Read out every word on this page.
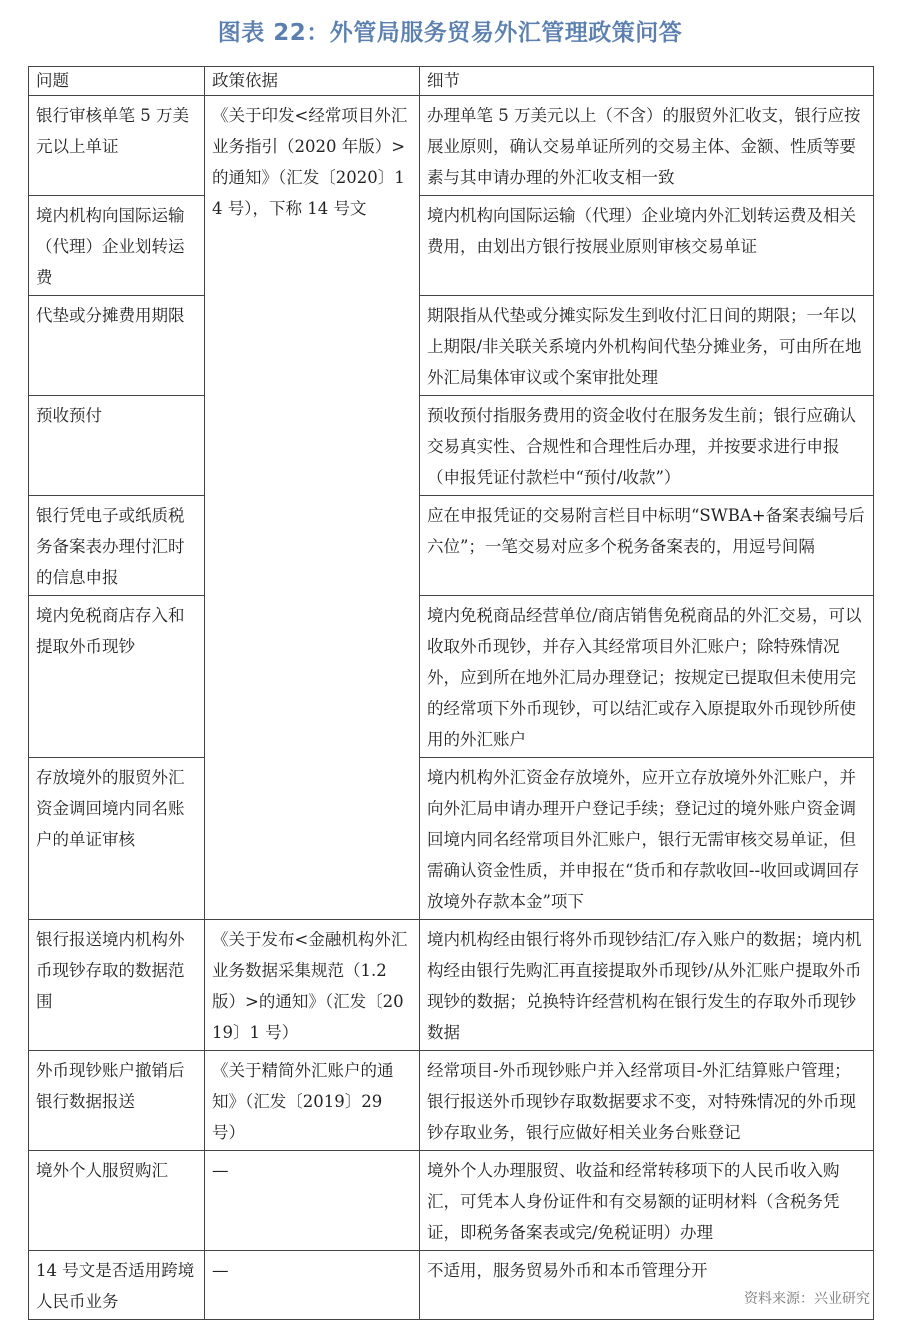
图表 22：外管局服务贸易外汇管理政策问答
问题	政策依据	细节
银行审核单笔 5 万美元以上单证	《关于印发<经常项目外汇业务指引（2020 年版）>的通知》（汇发〔2020〕14 号），下称 14 号文	办理单笔 5 万美元以上（不含）的服贸外汇收支，银行应按展业原则，确认交易单证所列的交易主体、金额、性质等要素与其申请办理的外汇收支相一致
境内机构向国际运输（代理）企业划转运费		境内机构向国际运输（代理）企业境内外汇划转运费及相关费用，由划出方银行按展业原则审核交易单证
代垫或分摊费用期限		期限指从代垫或分摊实际发生到收付汇日间的期限；一年以上期限/非关联关系境内外机构间代垫分摊业务，可由所在地外汇局集体审议或个案审批处理
预收预付		预收预付指服务费用的资金收付在服务发生前；银行应确认交易真实性、合规性和合理性后办理，并按要求进行申报（申报凭证付款栏中“预付/收款”）
银行凭电子或纸质税务备案表办理付汇时的信息申报		应在申报凭证的交易附言栏目中标明“SWBA+备案表编号后六位”；一笔交易对应多个税务备案表的，用逗号间隔
境内免税商店存入和提取外币现钞		境内免税商品经营单位/商店销售免税商品的外汇交易，可以收取外币现钞，并存入其经常项目外汇账户；除特殊情况外，应到所在地外汇局办理登记；按规定已提取但未使用完的经常项下外币现钞，可以结汇或存入原提取外币现钞所使用的外汇账户
存放境外的服贸外汇资金调回境内同名账户的单证审核		境内机构外汇资金存放境外，应开立存放境外外汇账户，并向外汇局申请办理开户登记手续；登记过的境外账户资金调回境内同名经常项目外汇账户，银行无需审核交易单证，但需确认资金性质，并申报在“货币和存款收回--收回或调回存放境外存款本金”项下
银行报送境内机构外币现钞存取的数据范围	《关于发布<金融机构外汇业务数据采集规范（1.2 版）>的通知》（汇发〔2019〕1 号）	境内机构经由银行将外币现钞结汇/存入账户的数据；境内机构经由银行先购汇再直接提取外币现钞/从外汇账户提取外币现钞的数据；兑换特许经营机构在银行发生的存取外币现钞数据
外币现钞账户撤销后银行数据报送	《关于精简外汇账户的通知》（汇发〔2019〕29 号）	经常项目-外币现钞账户并入经常项目-外汇结算账户管理；银行报送外币现钞存取数据要求不变，对特殊情况的外币现钞存取业务，银行应做好相关业务台账登记
境外个人服贸购汇	—	境外个人办理服贸、收益和经常转移项下的人民币收入购汇，可凭本人身份证件和有交易额的证明材料（含税务凭证，即税务备案表或完/免税证明）办理
14 号文是否适用跨境人民币业务	—	不适用，服务贸易外币和本币管理分开
资料来源：兴业研究
